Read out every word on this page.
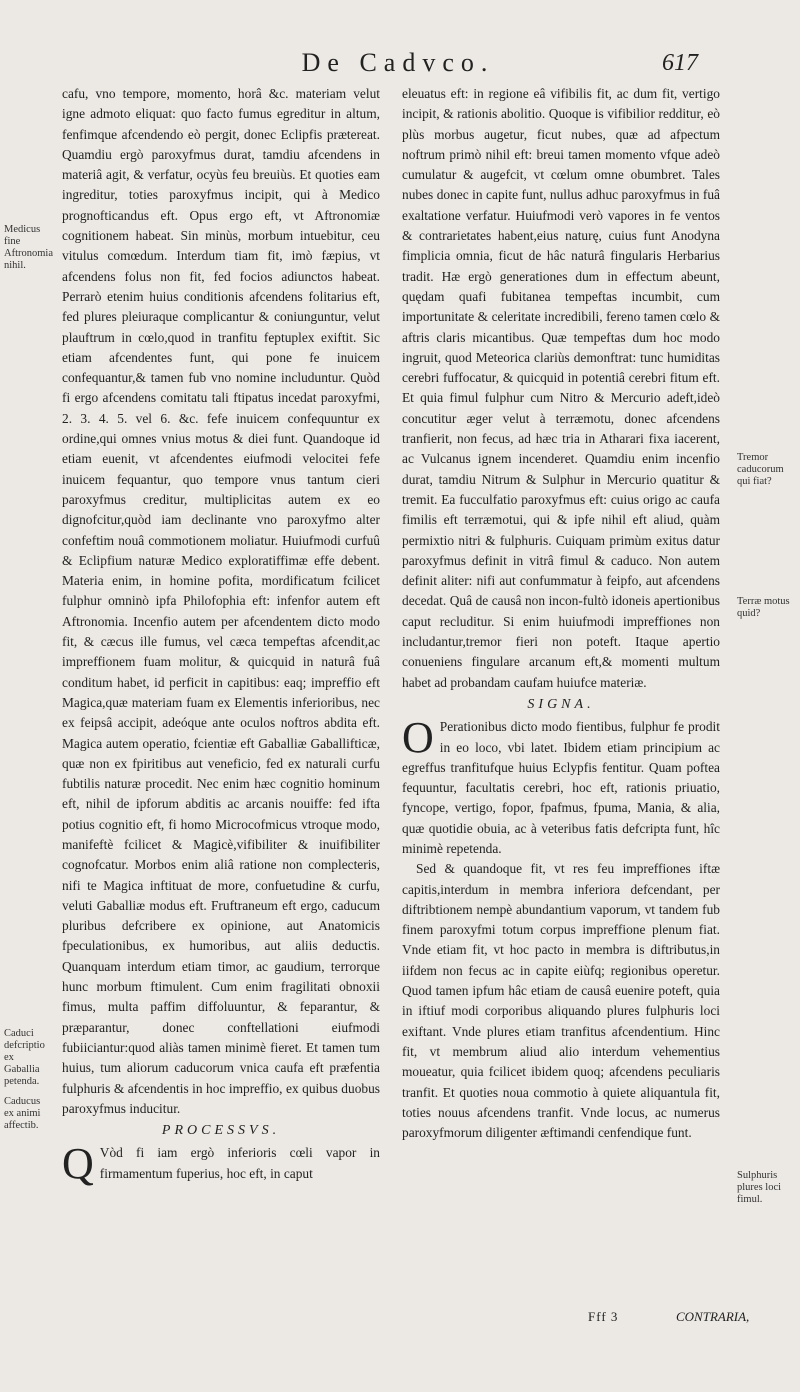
De Cadvco.	617

cafu, vno tempore, momento, horâ &c. materiam velut igne admoto eliquat: quo facto fumus egreditur in altum, fenfimque afcendendo eò pergit, donec Eclipfis prætereat. Quamdiu ergò paroxyfmus durat, tamdiu afcendens in materiâ agit, & verfatur, ocyùs feu breuiùs. Et quoties eam ingreditur, toties paroxyfmus incipit, qui à Medico prognofticandus eft. Opus ergo eft, vt Aftronomiæ cognitionem habeat. Sin minùs, morbum intuebitur, ceu vitulus comœdum. Interdum tiam fit, imò fæpius, vt afcendens folus non fit, fed focios adiunctos habeat. Perrarò etenim huius conditionis afcendens folitarius eft, fed plures pleiuraque complicantur & coniunguntur, velut plauftrum in cœlo,quod in tranfitu feptuplex exiftit. Sic etiam afcendentes funt, qui pone fe inuicem confequantur,& tamen fub vno nomine includuntur. Quòd fi ergo afcendens comitatu tali ftipatus incedat paroxyfmi, 2. 3. 4. 5. vel 6. &c. fefe inuicem confequuntur ex ordine,qui omnes vnius motus & diei funt. Quandoque id etiam euenit, vt afcendentes eiufmodi velocitei fefe inuicem fequantur, quo tempore vnus tantum cieri paroxyfmus creditur, multiplicitas autem ex eo dignofcitur,quòd iam declinante vno paroxyfmo alter confeftim nouâ commotionem moliatur. Huiufmodi curfuû & Eclipfium naturæ Medico exploratiffimæ effe debent. Materia enim, in homine pofita, mordificatum fcilicet fulphur omninò ipfa Philofophia eft: infenfor autem eft Aftronomia. Incenfio autem per afcendentem dicto modo fit, & cæcus ille fumus, vel cæca tempeftas afcendit,ac impreffionem fuam molitur, & quicquid in naturâ fuâ conditum habet, id perficit in capitibus: eaq; impreffio eft Magica,quæ materiam fuam ex Elementis inferioribus, nec ex feipsâ accipit, adeóque ante oculos noftros abdita eft. Magica autem operatio, fcientiæ eft Gaballiæ Gaballifticæ, quæ non ex fpiritibus aut veneficio, fed ex naturali curfu fubtilis naturæ procedit. Nec enim hæc cognitio hominum eft, nihil de ipforum abditis ac arcanis nouiffe: fed ifta potius cognitio eft, fi homo Microcofmicus vtroque modo, manifeftè fcilicet & Magicè,vifibiliter & inuifibiliter cognofcatur. Morbos enim aliâ ratione non complecteris, nifi te Magica inftituat de more, confuetudine & curfu, veluti Gaballiæ modus eft. Fruftraneum eft ergo, caducum pluribus defcribere ex opinione, aut Anatomicis fpeculationibus, ex humoribus, aut aliis deductis. Quanquam interdum etiam timor, ac gaudium, terrorque hunc morbum ftimulent. Cum enim fragilitati obnoxii fimus, multa paffim diffoluuntur, & feparantur, & præparantur, donec conftellationi eiufmodi fubiiciantur:quod aliàs tamen minimè fieret. Et tamen tum huius, tum aliorum caducorum vnica caufa eft præfentia fulphuris & afcendentis in hoc impreffio, ex quibus duobus paroxyfmus inducitur.

PROCESSVS.

Q Vòd fi iam ergò inferioris cœli vapor in firmamentum fuperius, hoc eft, in caput

eleuatus eft: in regione eâ vifibilis fit, ac dum fit, vertigo incipit, & rationis abolitio. Quoque is vifibilior redditur, eò plùs morbus augetur, ficut nubes, quæ ad afpectum noftrum primò nihil eft: breui tamen momento vfque adeò cumulatur & augefcit, vt cœlum omne obumbret. Tales nubes donec in capite funt, nullus adhuc paroxyfmus in fuâ exaltatione verfatur. Huiufmodi verò vapores in fe ventos & contrarietates habent,eius naturę, cuius funt Anodyna fimplicia omnia, ficut de hâc naturâ fingularis Herbarius tradit. Hæ ergò generationes dum in effectum abeunt, quędam quafi fubitanea tempeftas incumbit, cum importunitate & celeritate incredibili, fereno tamen cœlo & aftris claris micantibus. Quæ tempeftas dum hoc modo ingruit, quod Meteorica clariùs demonftrat: tunc humiditas cerebri fuffocatur, & quicquid in potentiâ cerebri fitum eft. Et quia fimul fulphur cum Nitro & Mercurio adeft,ideò concutitur æger velut à terræmotu, donec afcendens tranfierit, non fecus, ad hæc tria in Atharari fixa iacerent, ac Vulcanus ignem incenderet. Quamdiu enim incenfio durat, tamdiu Nitrum & Sulphur in Mercurio quatitur & tremit. Ea fucculfatio paroxyfmus eft: cuius origo ac caufa fimilis eft terræmotui, qui & ipfe nihil eft aliud, quàm permixtio nitri & fulphuris. Cuiquam primùm exitus datur paroxyfmus definit in vitrâ fimul & caduco. Non autem definit aliter: nifi aut confummatur à feipfo, aut afcendens decedat. Quâ de causâ non incon-fultò idoneis apertionibus caput recluditur. Si enim huiufmodi impreffiones non includantur,tremor fieri non poteft. Itaque apertio conueniens fingulare arcanum eft,& momenti multum habet ad probandam caufam huiufce materiæ.

SIGNA.

O Perationibus dicto modo fientibus, fulphur fe prodit in eo loco, vbi latet. Ibidem etiam principium ac egreffus tranfitufque huius Eclypfis fentitur. Quam poftea fequuntur, facultatis cerebri, hoc eft, rationis priuatio, fyncope, vertigo, fopor, fpafmus, fpuma, Mania, & alia, quæ quotidie obuia, ac à veteribus fatis defcripta funt, hîc minimè repetenda.

Sed & quandoque fit, vt res feu impreffiones iftæ capitis,interdum in membra inferiora defcendant, per diftribtionem nempè abundantium vaporum, vt tandem fub finem paroxyfmi totum corpus impreffione plenum fiat. Vnde etiam fit, vt hoc pacto in membra is diftributus,in iifdem non fecus ac in capite eiùfq; regionibus operetur. Quod tamen ipfum hâc etiam de causâ euenire poteft, quia in iftiuf modi corporibus aliquando plures fulphuris loci exiftant. Vnde plures etiam tranfitus afcendentium. Hinc fit, vt membrum aliud alio interdum vehementius moueatur, quia fcilicet ibidem quoq; afcendens peculiaris tranfit. Et quoties noua commotio à quiete aliquantula fit, toties nouus afcendens tranfit. Vnde locus, ac numerus paroxyfmorum diligenter æftimandi cenfendique funt.

Medicus fine Aftronomia nihil.
Caduci defcriptio ex Gaballia petenda.
Caducus ex animi affectib.
Tremor caducorum qui fiat?
Terræ motus quid?
Sulphuris plures loci fimul.
Fff 3	CONTRARIA,
